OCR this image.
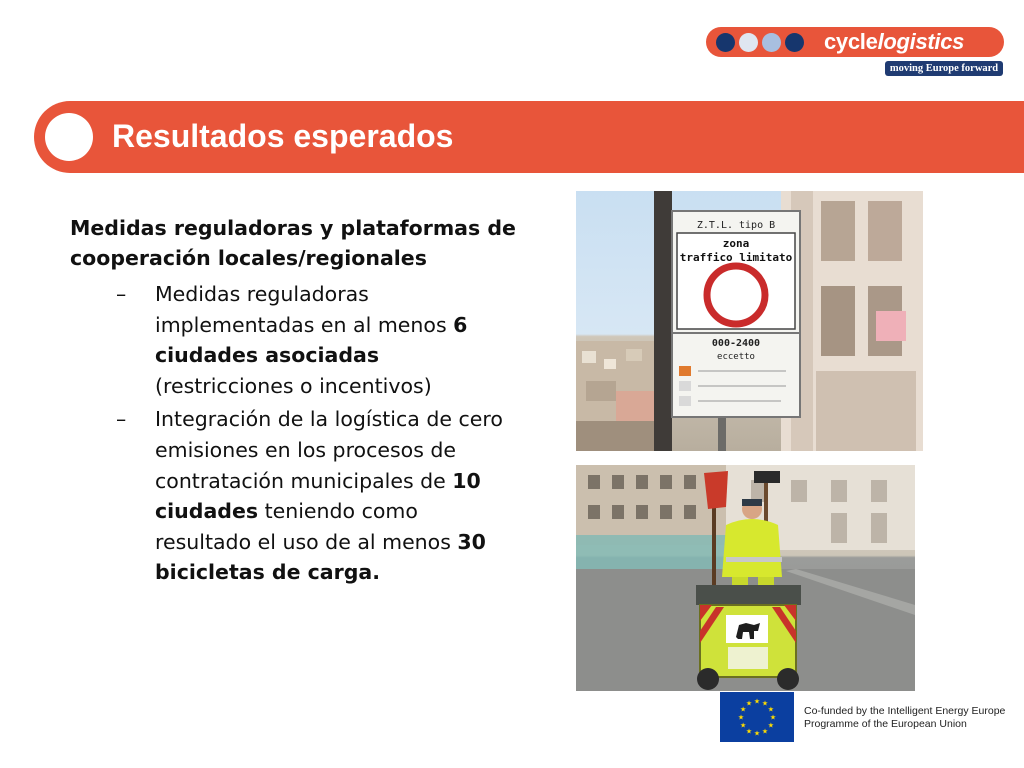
cyclelogistics
moving Europe forward
Resultados esperados

Medidas reguladoras y plataformas de cooperación locales/regionales

– Medidas reguladoras implementadas en al menos 6 ciudades asociadas (restricciones o incentivos)

– Integración de la logística de cero emisiones en los procesos de contratación municipales de 10 ciudades teniendo como resultado el uso de al menos 30 bicicletas de carga.

Z.T.L. tipo B
zona
traffico limitato
000-2400
eccetto
★ ★
★
★
★
★
★
★
★
★
★
★
Co-funded by the Intelligent Energy Europe
Programme of the European Union
